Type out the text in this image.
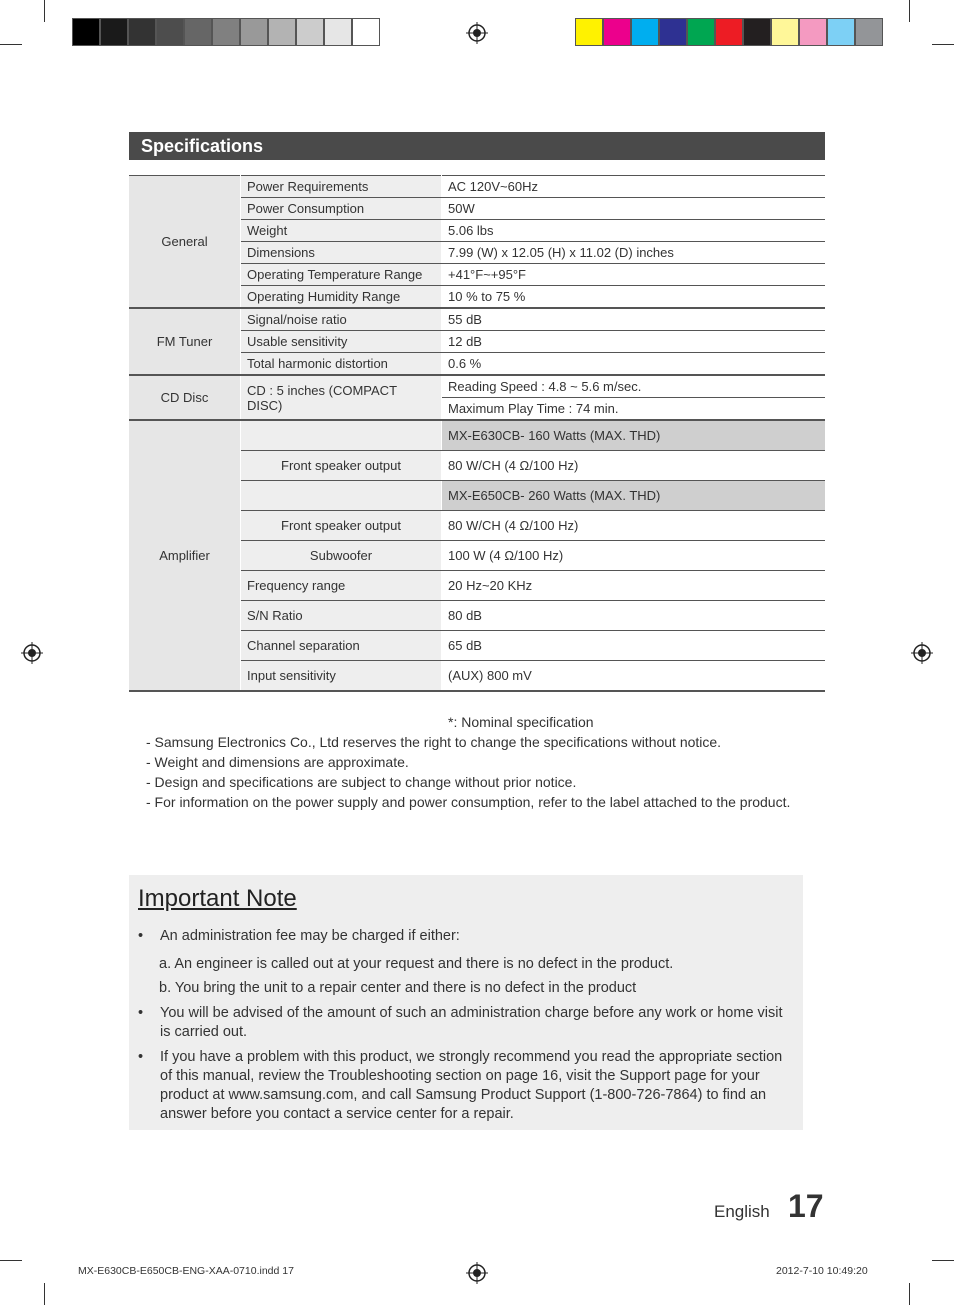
Specifications
General	Power Requirements	AC 120V~60Hz
	Power Consumption	50W
	Weight	5.06 lbs
	Dimensions	7.99 (W) x 12.05 (H) x 11.02 (D) inches
	Operating Temperature Range	+41°F~+95°F
	Operating Humidity Range	10 % to 75 %
FM Tuner	Signal/noise ratio	55 dB
	Usable sensitivity	12 dB
	Total harmonic distortion	0.6 %
CD Disc	CD : 5 inches (COMPACT DISC)	Reading Speed : 4.8 ~ 5.6 m/sec.
		Maximum Play Time : 74 min.
Amplifier		MX-E630CB- 160 Watts (MAX. THD)
	Front speaker output	80 W/CH (4 Ω/100 Hz)
		MX-E650CB- 260 Watts (MAX. THD)
	Front speaker output	80 W/CH (4 Ω/100 Hz)
	Subwoofer	100 W (4 Ω/100 Hz)
	Frequency range	20 Hz~20 KHz
	S/N Ratio	80 dB
	Channel separation	65 dB
	Input sensitivity	(AUX) 800 mV
*: Nominal specification
- Samsung Electronics Co., Ltd reserves the right to change the specifications without notice.
- Weight and dimensions are approximate.
- Design and specifications are subject to change without prior notice.
- For information on the power supply and power consumption, refer to the label attached to the product.
Important Note
•	An administration fee may be charged if either:
a. An engineer is called out at your request and there is no defect in the product.
b. You bring the unit to a repair center and there is no defect in the product
•	You will be advised of the amount of such an administration charge before any work or home visit is carried out.
•	If you have a problem with this product, we strongly recommend you read the appropriate section of this manual, review the Troubleshooting section on page 16, visit the Support page for your product at www.samsung.com, and call Samsung Product Support (1-800-726-7864) to find an answer before you contact a service center for a repair.
English 17
MX-E630CB-E650CB-ENG-XAA-0710.indd 17	2012-7-10 10:49:20
